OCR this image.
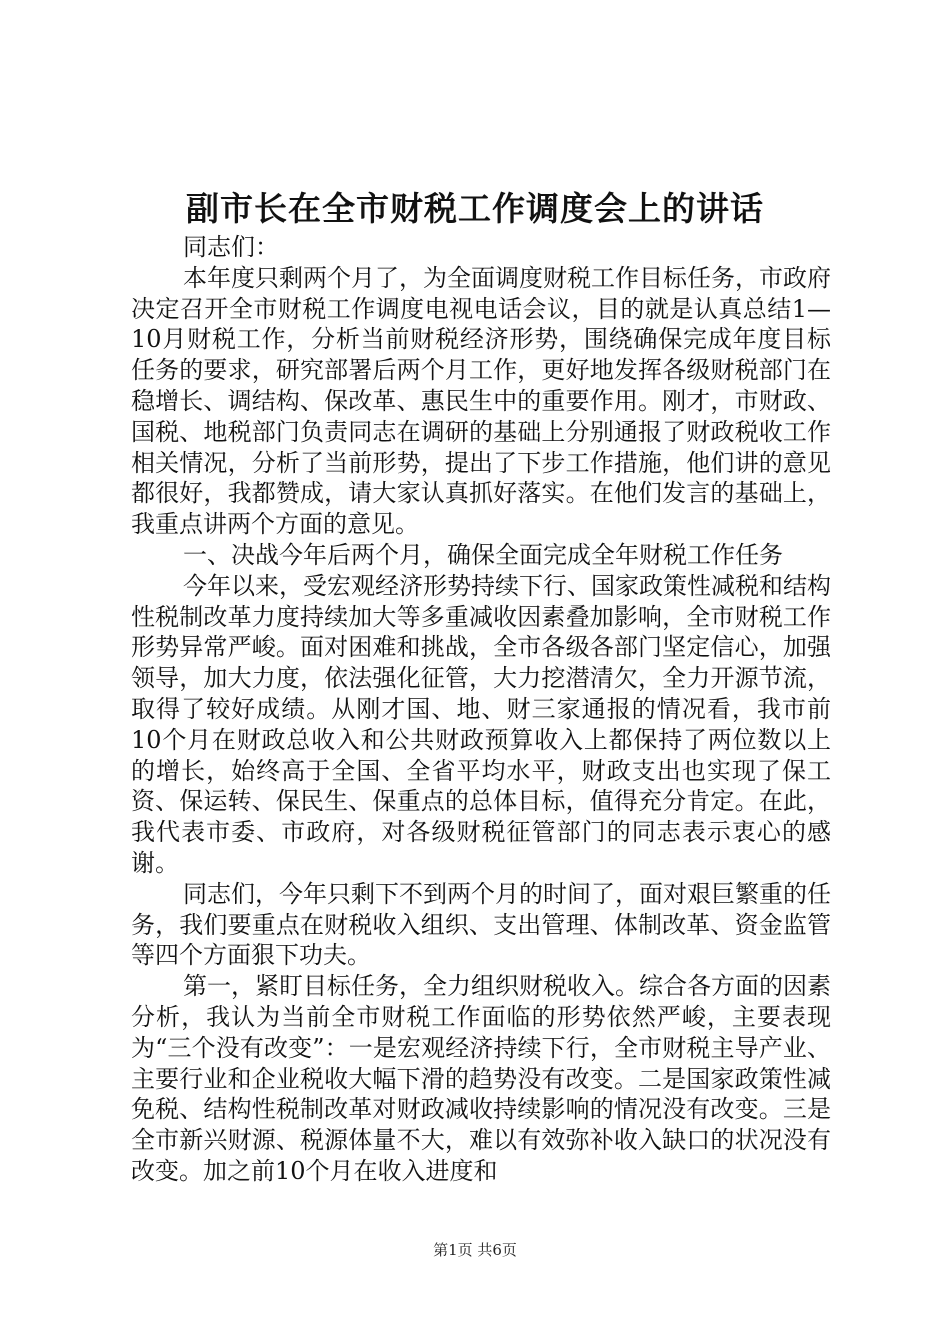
副市长在全市财税工作调度会上的讲话

同志们：

本年度只剩两个月了，为全面调度财税工作目标任务，市政府决定召开全市财税工作调度电视电话会议，目的就是认真总结1—10月财税工作，分析当前财税经济形势，围绕确保完成年度目标任务的要求，研究部署后两个月工作，更好地发挥各级财税部门在稳增长、调结构、保改革、惠民生中的重要作用。刚才，市财政、国税、地税部门负责同志在调研的基础上分别通报了财政税收工作相关情况，分析了当前形势，提出了下步工作措施，他们讲的意见都很好，我都赞成，请大家认真抓好落实。在他们发言的基础上，我重点讲两个方面的意见。

一、决战今年后两个月，确保全面完成全年财税工作任务

今年以来，受宏观经济形势持续下行、国家政策性减税和结构性税制改革力度持续加大等多重减收因素叠加影响，全市财税工作形势异常严峻。面对困难和挑战，全市各级各部门坚定信心，加强领导，加大力度，依法强化征管，大力挖潜清欠，全力开源节流，取得了较好成绩。从刚才国、地、财三家通报的情况看，我市前10个月在财政总收入和公共财政预算收入上都保持了两位数以上的增长，始终高于全国、全省平均水平，财政支出也实现了保工资、保运转、保民生、保重点的总体目标，值得充分肯定。在此，我代表市委、市政府，对各级财税征管部门的同志表示衷心的感谢。

同志们，今年只剩下不到两个月的时间了，面对艰巨繁重的任务，我们要重点在财税收入组织、支出管理、体制改革、资金监管等四个方面狠下功夫。

第一，紧盯目标任务，全力组织财税收入。综合各方面的因素分析，我认为当前全市财税工作面临的形势依然严峻，主要表现为“三个没有改变”：一是宏观经济持续下行，全市财税主导产业、主要行业和企业税收大幅下滑的趋势没有改变。二是国家政策性减免税、结构性税制改革对财政减收持续影响的情况没有改变。三是全市新兴财源、税源体量不大，难以有效弥补收入缺口的状况没有改变。加之前10个月在收入进度和

第1页 共6页
